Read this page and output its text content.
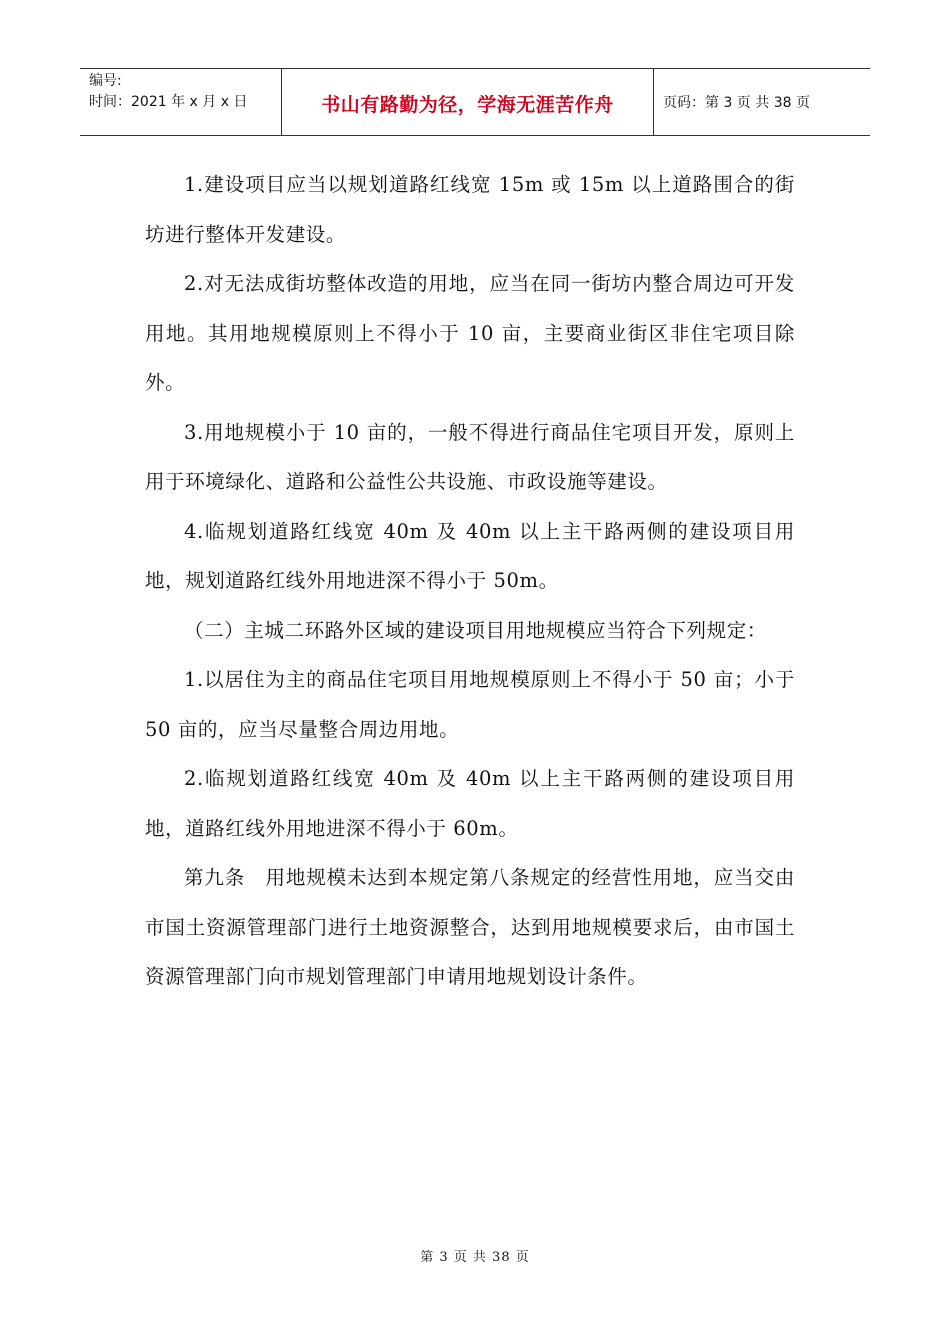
编号:
时间：2021 年 x 月 x 日	书山有路勤为径，学海无涯苦作舟	页码：第 3 页 共 38 页

1.建设项目应当以规划道路红线宽 15m 或 15m 以上道路围合的街坊进行整体开发建设。

2.对无法成街坊整体改造的用地，应当在同一街坊内整合周边可开发用地。其用地规模原则上不得小于 10 亩，主要商业街区非住宅项目除外。

3.用地规模小于 10 亩的，一般不得进行商品住宅项目开发，原则上用于环境绿化、道路和公益性公共设施、市政设施等建设。

4.临规划道路红线宽 40m 及 40m 以上主干路两侧的建设项目用地，规划道路红线外用地进深不得小于 50m。

（二）主城二环路外区域的建设项目用地规模应当符合下列规定：

1.以居住为主的商品住宅项目用地规模原则上不得小于 50 亩；小于 50 亩的，应当尽量整合周边用地。

2.临规划道路红线宽 40m 及 40m 以上主干路两侧的建设项目用地，道路红线外用地进深不得小于 60m。

第九条　用地规模未达到本规定第八条规定的经营性用地，应当交由市国土资源管理部门进行土地资源整合，达到用地规模要求后，由市国土资源管理部门向市规划管理部门申请用地规划设计条件。

第 3 页 共 38 页
